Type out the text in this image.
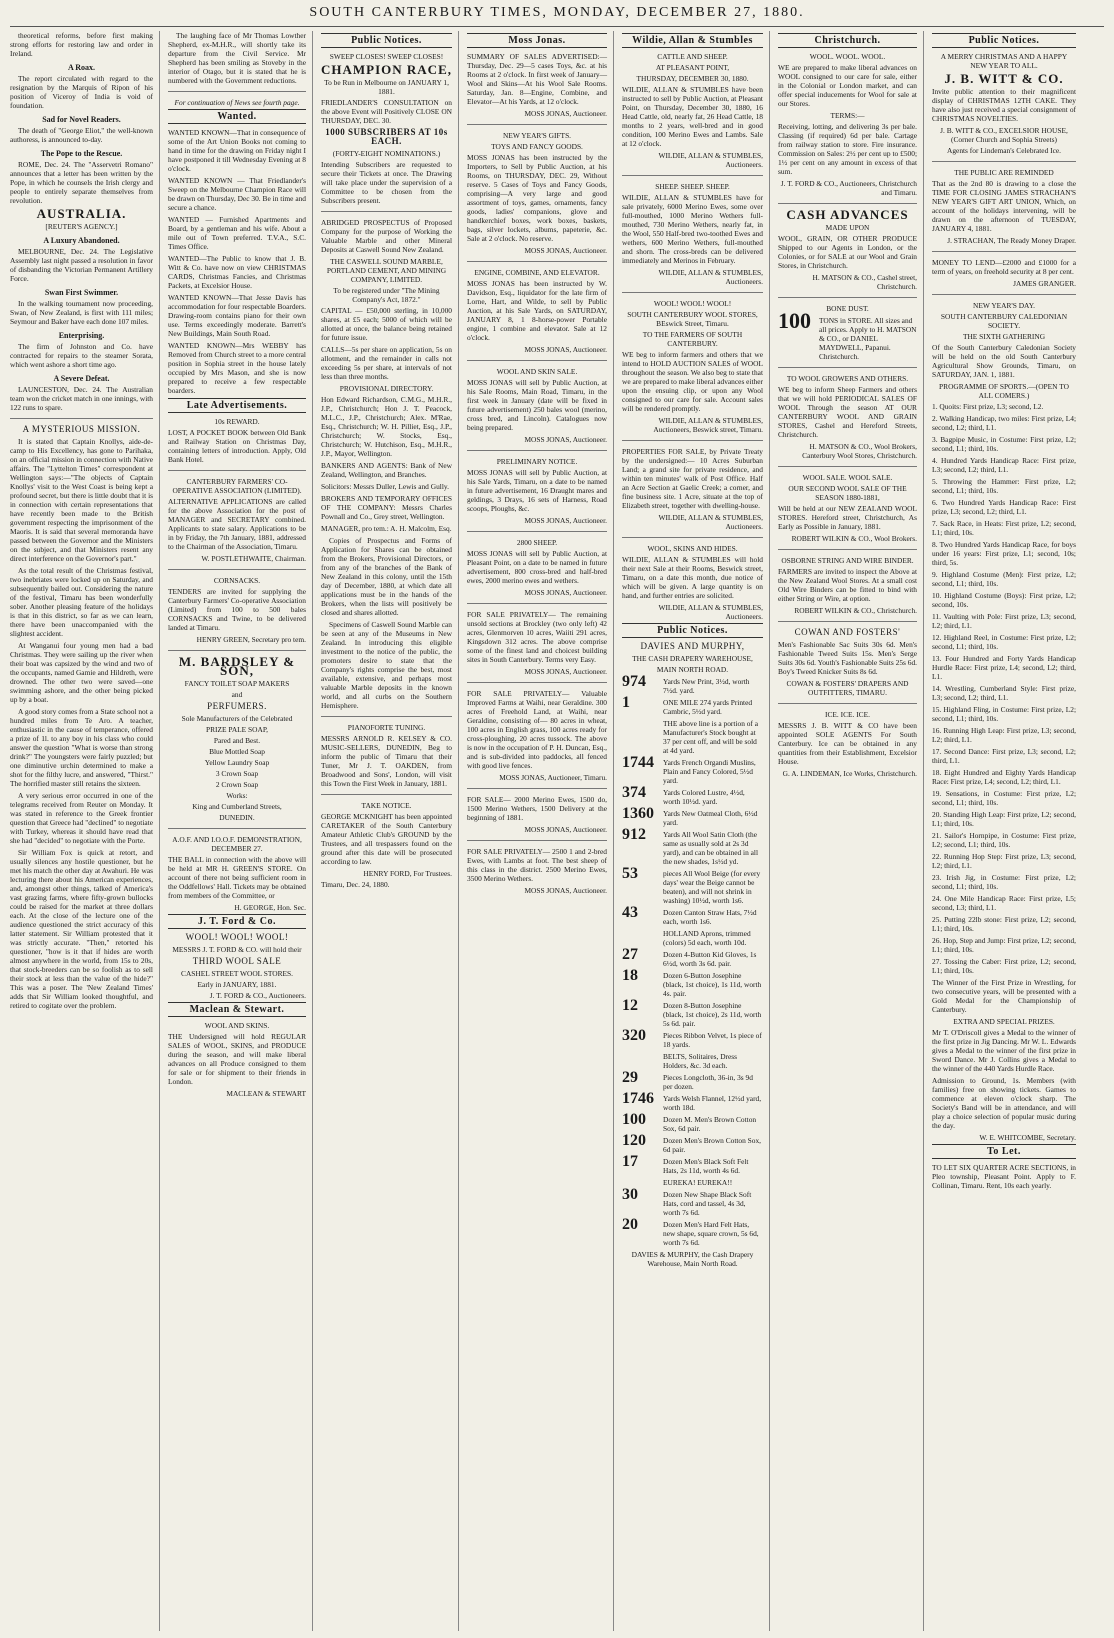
SOUTH CANTERBURY TIMES, MONDAY, DECEMBER 27, 1880.

theoretical reforms, before first making strong efforts for restoring law and order in Ireland.

A Roax.

The report circulated with regard to the resignation by the Marquis of Ripon of his position of Viceroy of India is void of foundation.

Sad for Novel Readers.

The death of "George Eliot," the well-known authoress, is announced to-day.

The Pope to the Rescue.

ROME, Dec. 24. The "Asservetri Romano" announces that a letter has been written by the Pope, in which he counsels the Irish clergy and people to entirely separate themselves from revolution.

AUSTRALIA.
[REUTER'S AGENCY.]
A Luxury Abandoned.

MELBOURNE, Dec. 24. The Legislative Assembly last night passed a resolution in favor of disbanding the Victorian Permanent Artillery Force.

Swan First Swimmer.

In the walking tournament now proceeding, Swan, of New Zealand, is first with 111 miles; Seymour and Baker have each done 107 miles.

Enterprising.

The firm of Johnston and Co. have contracted for repairs to the steamer Sorata, which went ashore a short time ago.

A Severe Defeat.

LAUNCESTON, Dec. 24. The Australian team won the cricket match in one innings, with 122 runs to spare.

A MYSTERIOUS MISSION.

It is stated that Captain Knollys, aide-de-camp to His Excellency, has gone to Parihaka, on an official mission in connection with Native affairs. The "Lyttelton Times" correspondent at Wellington says:—"The objects of Captain Knollys' visit to the West Coast is being kept a profound secret, but there is little doubt that it is in connection with certain representations that have recently been made to the British government respecting the imprisonment of the Maoris. It is said that several memoranda have passed between the Governor and the Ministers on the subject, and that Ministers resent any direct interference on the Governor's part."

As the total result of the Christmas festival, two inebriates were locked up on Saturday, and subsequently bailed out. Considering the nature of the festival, Timaru has been wonderfully sober. Another pleasing feature of the holidays is that in this district, so far as we can learn, there have been unaccompanied with the slightest accident.

At Wanganui four young men had a bad Christmas. They were sailing up the river when their boat was capsized by the wind and two of the occupants, named Gamie and Hildreth, were drowned. The other two were saved—one swimming ashore, and the other being picked up by a boat.

A good story comes from a State school not a hundred miles from Te Aro. A teacher, enthusiastic in the cause of temperance, offered a prize of 1l. to any boy in his class who could answer the question "What is worse than strong drink?" The youngsters were fairly puzzled; but one diminutive urchin determined to make a shot for the filthy lucre, and answered, "Thirst." The horrified master still retains the sixteen.

A very serious error occurred in one of the telegrams received from Reuter on Monday. It was stated in reference to the Greek frontier question that Greece had "declined" to negotiate with Turkey, whereas it should have read that she had "decided" to negotiate with the Porte.

Sir William Fox is quick at retort, and usually silences any hostile questioner, but he met his match the other day at Awahuri. He was lecturing there about his American experiences, and, amongst other things, talked of America's vast grazing farms, where fifty-grown bullocks could be raised for the market at three dollars each. At the close of the lecture one of the audience questioned the strict accuracy of this latter statement. Sir William protested that it was strictly accurate. "Then," retorted his questioner, "how is it that if hides are worth almost anywhere in the world, from 15s to 20s, that stock-breeders can be so foolish as to sell their stock at less than the value of the hide?" This was a poser. The 'New Zealand Times' adds that Sir William looked thoughtful, and retired to cogitate over the problem.

The laughing face of Mr Thomas Lowther Shepherd, ex-M.H.R., will shortly take its departure from the Civil Service. Mr Shepherd has been smiling as Stoveby in the interior of Otago, but it is stated that he is numbered with the Government reductions.

For continuation of News see fourth page.
Wanted.

WANTED KNOWN—That in consequence of some of the Art Union Books not coming to hand in time for the drawing on Friday night I have postponed it till Wednesday Evening at 8 o'clock.

WANTED KNOWN — That Friedlander's Sweep on the Melbourne Champion Race will be drawn on Thursday, Dec 30. Be in time and secure a chance.

WANTED — Furnished Apartments and Board, by a gentleman and his wife. About a mile out of Town preferred. T.V.A., S.C. Times Office.

WANTED—The Public to know that J. B. Witt & Co. have now on view CHRISTMAS CARDS, Christmas Fancies, and Christmas Packets, at Excelsior House.

WANTED KNOWN—That Jesse Davis has accommodation for four respectable Boarders. Drawing-room contains piano for their own use. Terms exceedingly moderate. Barrett's New Buildings, Main South Road.

WANTED KNOWN—Mrs WEBBY has Removed from Church street to a more central position in Sophia street in the house lately occupied by Mrs Mason, and she is now prepared to receive a few respectable boarders.

Late Advertisements.
10s REWARD.

LOST, A POCKET BOOK between Old Bank and Railway Station on Christmas Day, containing letters of introduction. Apply, Old Bank Hotel.

CANTERBURY FARMERS' CO-OPERATIVE ASSOCIATION (LIMITED).

ALTERNATIVE APPLICATIONS are called for the above Association for the post of MANAGER and SECRETARY combined. Applicants to state salary. Applications to be in by Friday, the 7th January, 1881, addressed to the Chairman of the Association, Timaru.

W. POSTLETHWAITE, Chairman.
CORNSACKS.

TENDERS are invited for supplying the Canterbury Farmers' Co-operative Association (Limited) from 100 to 500 bales CORNSACKS and Twine, to be delivered landed at Timaru.

HENRY GREEN, Secretary pro tem.
M. BARDSLEY & SON,
FANCY TOILET SOAP MAKERS
and
PERFUMERS.
Sole Manufacturers of the Celebrated
PRIZE PALE SOAP,
Pared and Best.
Blue Mottled Soap
Yellow Laundry Soap
3 Crown Soap
2 Crown Soap
Works:
King and Cumberland Streets,
DUNEDIN.
A.O.F. AND I.O.O.F. DEMONSTRATION, DECEMBER 27.

THE BALL in connection with the above will be held at MR H. GREEN'S STORE. On account of there not being sufficient room in the Oddfellows' Hall. Tickets may be obtained from members of the Committee, or

H. GEORGE, Hon. Sec.
J. T. Ford & Co.
WOOL! WOOL! WOOL!
MESSRS J. T. FORD & CO. will hold their
THIRD WOOL SALE
CASHEL STREET WOOL STORES.
Early in JANUARY, 1881.
J. T. FORD & CO., Auctioneers.
Maclean & Stewart.
WOOL AND SKINS.

THE Undersigned will hold REGULAR SALES of WOOL, SKINS, and PRODUCE during the season, and will make liberal advances on all Produce consigned to them for sale or for shipment to their friends in London.

MACLEAN & STEWART
Public Notices.
SWEEP CLOSES! SWEEP CLOSES!
CHAMPION RACE,
To be Run in Melbourne on JANUARY 1, 1881.

FRIEDLANDER'S CONSULTATION on the above Event will Positively CLOSE ON THURSDAY, DEC. 30.

1000 SUBSCRIBERS AT 10s EACH.
(FORTY-EIGHT NOMINATIONS.)

Intending Subscribers are requested to secure their Tickets at once. The Drawing will take place under the supervision of a Committee to be chosen from the Subscribers present.

ABRIDGED PROSPECTUS of Proposed Company for the purpose of Working the Valuable Marble and other Mineral Deposits at Caswell Sound New Zealand.

THE CASWELL SOUND MARBLE, PORTLAND CEMENT, AND MINING COMPANY, LIMITED.
To be registered under "The Mining Company's Act, 1872."

CAPITAL — £50,000 sterling, in 10,000 shares, at £5 each; 5000 of which will be allotted at once, the balance being retained for future issue.

CALLS—5s per share on application, 5s on allotment, and the remainder in calls not exceeding 5s per share, at intervals of not less than three months.

PROVISIONAL DIRECTORY.

Hon Edward Richardson, C.M.G., M.H.R., J.P., Christchurch; Hon J. T. Peacock, M.L.C., J.P., Christchurch; Alex. M'Rae, Esq., Christchurch; W. H. Pilliet, Esq., J.P., Christchurch; W. Stocks, Esq., Christchurch; W. Hutchison, Esq., M.H.R., J.P., Mayor, Wellington.

BANKERS AND AGENTS: Bank of New Zealand, Wellington, and Branches.

Solicitors: Messrs Duller, Lewis and Gully.

BROKERS AND TEMPORARY OFFICES OF THE COMPANY: Messrs Charles Pownall and Co., Grey street, Wellington.

MANAGER, pro tem.: A. H. Malcolm, Esq.

Copies of Prospectus and Forms of Application for Shares can be obtained from the Brokers, Provisional Directors, or from any of the branches of the Bank of New Zealand in this colony, until the 15th day of December, 1880, at which date all applications must be in the hands of the Brokers, when the lists will positively be closed and shares allotted.

Specimens of Caswell Sound Marble can be seen at any of the Museums in New Zealand. In introducing this eligible investment to the notice of the public, the promoters desire to state that the Company's rights comprise the best, most available, extensive, and perhaps most valuable Marble deposits in the known world, and all curbs on the Southern Hemisphere.

PIANOFORTE TUNING.

MESSRS ARNOLD R. KELSEY & CO. MUSIC-SELLERS, DUNEDIN, Beg to inform the public of Timaru that their Tuner, Mr J. T. OAKDEN, from Broadwood and Sons', London, will visit this Town the First Week in January, 1881.

TAKE NOTICE.

GEORGE MCKNIGHT has been appointed CARETAKER of the South Canterbury Amateur Athletic Club's GROUND by the Trustees, and all trespassers found on the ground after this date will be prosecuted according to law.

HENRY FORD, For Trustees.
Timaru, Dec. 24, 1880.
Moss Jonas.

SUMMARY OF SALES ADVERTISED:— Thursday, Dec. 29—5 cases Toys, &c. at his Rooms at 2 o'clock. In first week of January—Wool and Skins—At his Wool Sale Rooms. Saturday, Jan. 8—Engine, Combine, and Elevator—At his Yards, at 12 o'clock.

MOSS JONAS, Auctioneer.
NEW YEAR'S GIFTS.
TOYS AND FANCY GOODS.

MOSS JONAS has been instructed by the Importers, to Sell by Public Auction, at his Rooms, on THURSDAY, DEC. 29, Without reserve. 5 Cases of Toys and Fancy Goods, comprising—A very large and good assortment of toys, games, ornaments, fancy goods, ladies' companions, glove and handkerchief boxes, work boxes, baskets, bags, silver lockets, albums, papeterie, &c. Sale at 2 o'clock. No reserve.

MOSS JONAS, Auctioneer.
ENGINE, COMBINE, AND ELEVATOR.

MOSS JONAS has been instructed by W. Davidson, Esq., liquidator for the late firm of Lorne, Hart, and Wilde, to sell by Public Auction, at his Sale Yards, on SATURDAY, JANUARY 8, 1 8-horse-power Portable engine, 1 combine and elevator. Sale at 12 o'clock.

MOSS JONAS, Auctioneer.
WOOL AND SKIN SALE.

MOSS JONAS will sell by Public Auction, at his Sale Rooms, Main Road, Timaru, in the first week in January (date will be fixed in future advertisement) 250 bales wool (merino, cross bred, and Lincoln). Catalogues now being prepared.

MOSS JONAS, Auctioneer.
PRELIMINARY NOTICE.

MOSS JONAS will sell by Public Auction, at his Sale Yards, Timaru, on a date to be named in future advertisement, 16 Draught mares and geldings, 3 Drays, 16 sets of Harness, Road scoops, Ploughs, &c.

MOSS JONAS, Auctioneer.
2800 SHEEP.

MOSS JONAS will sell by Public Auction, at Pleasant Point, on a date to be named in future advertisement, 800 cross-bred and half-bred ewes, 2000 merino ewes and wethers.

MOSS JONAS, Auctioneer.

FOR SALE PRIVATELY— The remaining unsold sections at Brockley (two only left) 42 acres, Glenmorven 10 acres, Waiiti 291 acres, Kingsdown 312 acres. The above comprise some of the finest land and choicest building sites in South Canterbury. Terms very Easy.

MOSS JONAS, Auctioneer.

FOR SALE PRIVATELY— Valuable Improved Farms at Waihi, near Geraldine. 300 acres of Freehold Land, at Waihi, near Geraldine, consisting of— 80 acres in wheat, 100 acres in English grass, 100 acres ready for cross-ploughing, 20 acres tussock. The above is now in the occupation of P. H. Duncan, Esq., and is sub-divided into paddocks, all fenced with good live fences.

MOSS JONAS, Auctioneer, Timaru.

FOR SALE— 2000 Merino Ewes, 1500 do, 1500 Merino Wethers, 1500 Delivery at the beginning of 1881.

MOSS JONAS, Auctioneer.

FOR SALE PRIVATELY— 2500 1 and 2-bred Ewes, with Lambs at foot. The best sheep of this class in the district. 2500 Merino Ewes, 3500 Merino Wethers.

MOSS JONAS, Auctioneer.
Wildie, Allan & Stumbles
CATTLE AND SHEEP.
AT PLEASANT POINT,
THURSDAY, DECEMBER 30, 1880.

WILDIE, ALLAN & STUMBLES have been instructed to sell by Public Auction, at Pleasant Point, on Thursday, December 30, 1880, 16 Head Cattle, old, nearly fat, 26 Head Cattle, 18 months to 2 years, well-bred and in good condition, 100 Merino Ewes and Lambs. Sale at 12 o'clock.

WILDIE, ALLAN & STUMBLES, Auctioneers.
SHEEP. SHEEP. SHEEP.

WILDIE, ALLAN & STUMBLES have for sale privately, 6000 Merino Ewes, some over full-mouthed, 1000 Merino Wethers full-mouthed, 730 Merino Wethers, nearly fat, in the Wool, 550 Half-bred two-toothed Ewes and wethers, 600 Merino Wethers, full-mouthed and shorn. The cross-breds can be delivered immediately and Merinos in February.

WILDIE, ALLAN & STUMBLES, Auctioneers.
WOOL! WOOL! WOOL!
SOUTH CANTERBURY WOOL STORES, BEswick Street, Timaru.
TO THE FARMERS OF SOUTH CANTERBURY.

WE beg to inform farmers and others that we intend to HOLD AUCTION SALES of WOOL throughout the season. We also beg to state that we are prepared to make liberal advances either upon the ensuing clip, or upon any Wool consigned to our care for sale. Account sales will be rendered promptly.

WILDIE, ALLAN & STUMBLES, Auctioneers, Beswick street, Timaru.

PROPERTIES FOR SALE, by Private Treaty by the undersigned:— 10 Acres Suburban Land; a grand site for private residence, and within ten minutes' walk of Post Office. Half an Acre Section at Gaelic Creek; a corner, and fine business site. 1 Acre, situate at the top of Elizabeth street, together with dwelling-house.

WILDIE, ALLAN & STUMBLES, Auctioneers.
WOOL, SKINS AND HIDES.

WILDIE, ALLAN & STUMBLES will hold their next Sale at their Rooms, Beswick street, Timaru, on a date this month, due notice of which will be given. A large quantity is on hand, and further entries are solicited.

WILDIE, ALLAN & STUMBLES, Auctioneers.
Public Notices.
DAVIES AND MURPHY,
THE CASH DRAPERY WAREHOUSE,
MAIN NORTH ROAD.
974	Yards New Print, 3½d, worth 7½d. yard.
1	ONE MILE 274 yards Printed Cambric, 5½d yard.
THE above line is a portion of a Manufacturer's Stock bought at 37 per cent off, and will be sold at 4d yard.
1744 Yards French Organdi Muslins, Plain and Fancy Colored, 5½d yard.
374	Yards Colored Lustre, 4½d, worth 10½d. yard.
1360 Yards New Oatmeal Cloth, 6½d yard.
912	Yards All Wool Satin Cloth (the same as usually sold at 2s 3d yard), and can be obtained in all the new shades, 1s½d yd.
53	pieces All Wool Beige (for every days' wear the Beige cannot be beaten), and will not shrink in washing) 10½d, worth 1s6.
43	Dozen Canton Straw Hats, 7½d each, worth 1s6.
HOLLAND Aprons, trimmed (colors) 5d each, worth 10d.
27	Dozen 4-Button Kid Gloves, 1s 6½d, worth 3s 6d. pair.
18	Dozen 6-Button Josephine (black, 1st choice), 1s 11d, worth 4s. pair.
12	Dozen 8-Button Josephine (black, 1st choice), 2s 11d, worth 5s 6d. pair.
320	Pieces Ribbon Velvet, 1s piece of 18 yards.
BELTS, Solitaires, Dress Holders, &c. 3d each.
29	Pieces Longcloth, 36-in, 3s 9d per dozen.
1746 Yards Welsh Flannel, 12½d yard, worth 18d.
100	Dozen M. Men's Brown Cotton Sox, 6d pair.
120	Dozen Men's Brown Cotton Sox, 6d pair.
17	Dozen Men's Black Soft Felt Hats, 2s 11d, worth 4s 6d.
EUREKA! EUREKA!!
30	Dozen New Shape Black Soft Hats, cord and tassel, 4s 3d, worth 7s 6d.
20	Dozen Men's Hard Felt Hats, new shape, square crown, 5s 6d, worth 7s 6d.
DAVIES & MURPHY, the Cash Drapery Warehouse, Main North Road.
Christchurch.
WOOL. WOOL. WOOL.

WE are prepared to make liberal advances on WOOL consigned to our care for sale, either in the Colonial or London market, and can offer special inducements for Wool for sale at our Stores.

TERMS:—

Receiving, lotting, and delivering 3s per bale. Classing (if required) 6d per bale. Cartage from railway station to store. Fire insurance. Commission on Sales: 2½ per cent up to £500; 1½ per cent on any amount in excess of that sum.

J. T. FORD & CO., Auctioneers, Christchurch and Timaru.
CASH ADVANCES
MADE UPON

WOOL, GRAIN, OR OTHER PRODUCE Shipped to our Agents in London, or the Colonies, or for SALE at our Wool and Grain Stores, in Christchurch.

H. MATSON & CO., Cashel street, Christchurch.
BONE DUST.
100 TONS in STORE. All sizes and all prices. Apply to H. MATSON & CO., or DANIEL MAYDWELL, Papanui. Christchurch.
TO WOOL GROWERS AND OTHERS.

WE beg to inform Sheep Farmers and others that we will hold PERIODICAL SALES OF WOOL Through the season AT OUR CANTERBURY WOOL AND GRAIN STORES, Cashel and Hereford Streets, Christchurch.

H. MATSON & CO., Wool Brokers, Canterbury Wool Stores, Christchurch.
WOOL SALE. WOOL SALE.
OUR SECOND WOOL SALE OF THE SEASON 1880-1881,

Will be held at our NEW ZEALAND WOOL STORES. Hereford street, Christchurch, As Early as Possible in January, 1881.

ROBERT WILKIN & CO., Wool Brokers.
OSBORNE STRING AND WIRE BINDER.

FARMERS are invited to inspect the Above at the New Zealand Wool Stores. At a small cost Old Wire Binders can be fitted to bind with either String or Wire, at option.

ROBERT WILKIN & CO., Christchurch.
COWAN AND FOSTERS'

Men's Fashionable Sac Suits 30s 6d. Men's Fashionable Tweed Suits 15s. Men's Serge Suits 30s 6d. Youth's Fashionable Suits 25s 6d. Boy's Tweed Knicker Suits 8s 6d.

COWAN & FOSTERS' DRAPERS AND OUTFITTERS, TIMARU.
ICE. ICE. ICE.

MESSRS J. B. WITT & CO have been appointed SOLE AGENTS For South Canterbury. Ice can be obtained in any quantities from their Establishment, Excelsior House.

G. A. LINDEMAN, Ice Works, Christchurch.
Public Notices.
A MERRY CHRISTMAS AND A HAPPY NEW YEAR TO ALL.
J. B. WITT & CO.

Invite public attention to their magnificent display of CHRISTMAS 12TH CAKE. They have also just received a special consignment of CHRISTMAS NOVELTIES.

J. B. WITT & CO., EXCELSIOR HOUSE, (Corner Church and Sophia Streets)
Agents for Lindeman's Celebrated Ice.
THE PUBLIC ARE REMINDED

That as the 2nd 80 is drawing to a close the TIME FOR CLOSING JAMES STRACHAN'S NEW YEAR'S GIFT ART UNION, Which, on account of the holidays intervening, will be drawn on the afternoon of TUESDAY, JANUARY 4, 1881.

J. STRACHAN, The Ready Money Draper.

MONEY TO LEND—£2000 and £1000 for a term of years, on freehold security at 8 per cent.

JAMES GRANGER.
NEW YEAR'S DAY.
SOUTH CANTERBURY CALEDONIAN SOCIETY.
THE SIXTH GATHERING

Of the South Canterbury Caledonian Society will be held on the old South Canterbury Agricultural Show Grounds, Timaru, on SATURDAY, JAN. 1, 1881.

PROGRAMME OF SPORTS.—(OPEN TO ALL COMERS.)
1. Quoits: First prize, L3; second, L2.
2. Walking Handicap, two miles: First prize, L4; second, L2; third, L1.
3. Bagpipe Music, in Costume: First prize, L2; second, L1; third, 10s.
4. Hundred Yards Handicap Race: First prize, L3; second, L2; third, L1.
5. Throwing the Hammer: First prize, L2; second, L1; third, 10s.
6. Two Hundred Yards Handicap Race: First prize, L3; second, L2; third, L1.
7. Sack Race, in Heats: First prize, L2; second, L1; third, 10s.
8. Two Hundred Yards Handicap Race, for boys under 16 years: First prize, L1; second, 10s; third, 5s.
9. Highland Costume (Men): First prize, L2; second, L1; third, 10s.
10. Highland Costume (Boys): First prize, L2; second, 10s.
11. Vaulting with Pole: First prize, L3; second, L2; third, L1.
12. Highland Reel, in Costume: First prize, L2; second, L1; third, 10s.
13. Four Hundred and Forty Yards Handicap Hurdle Race: First prize, L4; second, L2; third, L1.
14. Wrestling, Cumberland Style: First prize, L3; second, L2; third, L1.
15. Highland Fling, in Costume: First prize, L2; second, L1; third, 10s.
16. Running High Leap: First prize, L3; second, L2; third, L1.
17. Second Dance: First prize, L3; second, L2; third, L1.
18. Eight Hundred and Eighty Yards Handicap Race: First prize, L4; second, L2; third, L1.
19. Sensations, in Costume: First prize, L2; second, L1; third, 10s.
20. Standing High Leap: First prize, L2; second, L1; third, 10s.
21. Sailor's Hornpipe, in Costume: First prize, L2; second, L1; third, 10s.
22. Running Hop Step: First prize, L3; second, L2; third, L1.
23. Irish Jig, in Costume: First prize, L2; second, L1; third, 10s.
24. One Mile Handicap Race: First prize, L5; second, L3; third, L1.
25. Putting 22lb stone: First prize, L2; second, L1; third, 10s.
26. Hop, Step and Jump: First prize, L2; second, L1; third, 10s.
27. Tossing the Caber: First prize, L2; second, L1; third, 10s.

The Winner of the First Prize in Wrestling, for two consecutive years, will be presented with a Gold Medal for the Championship of Canterbury.

EXTRA AND SPECIAL PRIZES.

Mr T. O'Driscoll gives a Medal to the winner of the first prize in Jig Dancing. Mr W. L. Edwards gives a Medal to the winner of the first prize in Sword Dance. Mr J. Collins gives a Medal to the winner of the 440 Yards Hurdle Race.

Admission to Ground, 1s. Members (with families) free on showing tickets. Games to commence at eleven o'clock sharp. The Society's Band will be in attendance, and will play a choice selection of popular music during the day.

W. E. WHITCOMBE, Secretary.
To Let.

TO LET SIX QUARTER ACRE SECTIONS, in Pleo township, Pleasant Point. Apply to F. Collinan, Timaru. Rent, 10s each yearly.
